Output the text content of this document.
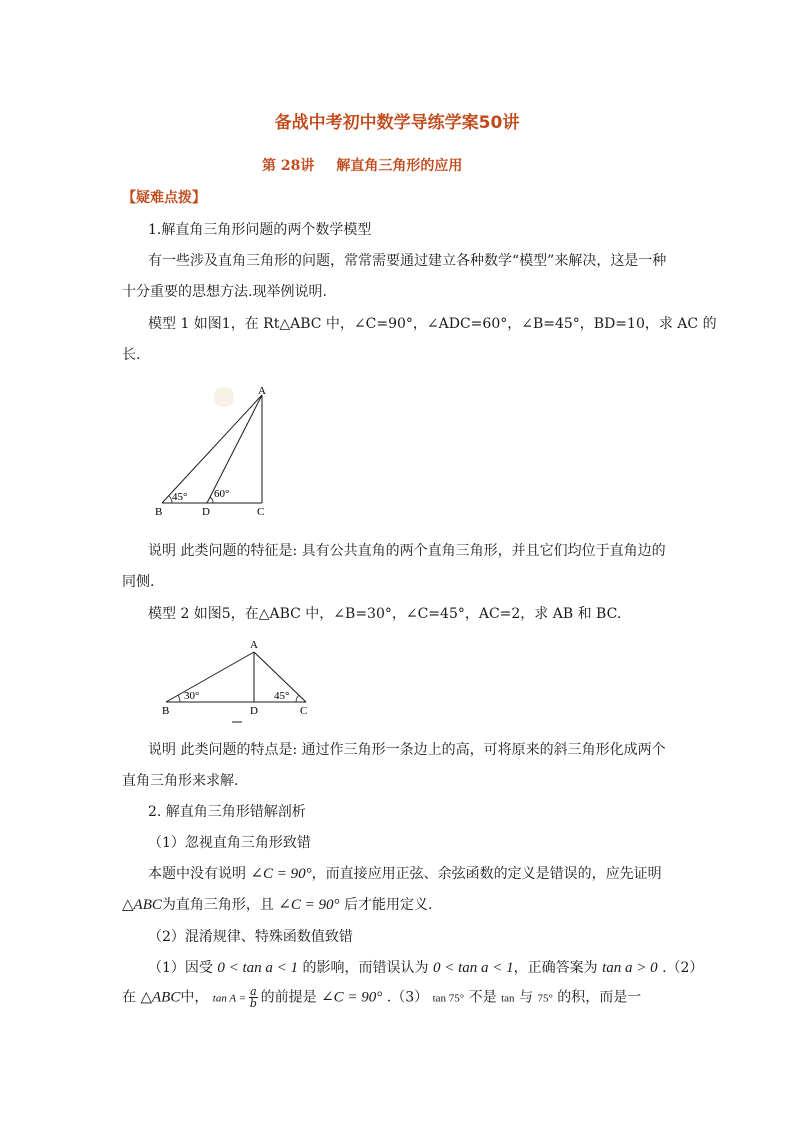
备战中考初中数学导练学案50讲
第 28讲 解直角三角形的应用
【疑难点拨】
1.解直角三角形问题的两个数学模型
有一些涉及直角三角形的问题，常常需要通过建立各种数学“模型”来解决，这是一种
十分重要的思想方法.现举例说明.
模型 1 如图1，在 Rt△ABC 中，∠C=90°，∠ADC=60°，∠B=45°，BD=10，求 AC 的
长.
A
B	D	C
45° 60°
说明 此类问题的特征是: 具有公共直角的两个直角三角形，并且它们均位于直角边的
同侧.
模型 2 如图5，在△ABC 中，∠B=30°，∠C=45°，AC=2，求 AB 和 BC.
A
B	D	C
30°	45°
说明 此类问题的特点是: 通过作三角形一条边上的高，可将原来的斜三角形化成两个
直角三角形来求解.
2. 解直角三角形错解剖析
（1）忽视直角三角形致错
本题中没有说明 ∠C = 90°，而直接应用正弦、余弦函数的定义是错误的，应先证明
△ABC为直角三角形，且 ∠C = 90° 后才能用定义.
（2）混淆规律、特殊函数值致错
（1）因受 0 < tan a < 1 的影响，而错误认为 0 < tan a < 1，正确答案为 tan a > 0 .（2）
在 △ABC中， $\tan A = \frac{a}{b}$ 的前提是 ∠C = 90° .（3） tan 75° 不是 tan 与 75° 的积，而是一
